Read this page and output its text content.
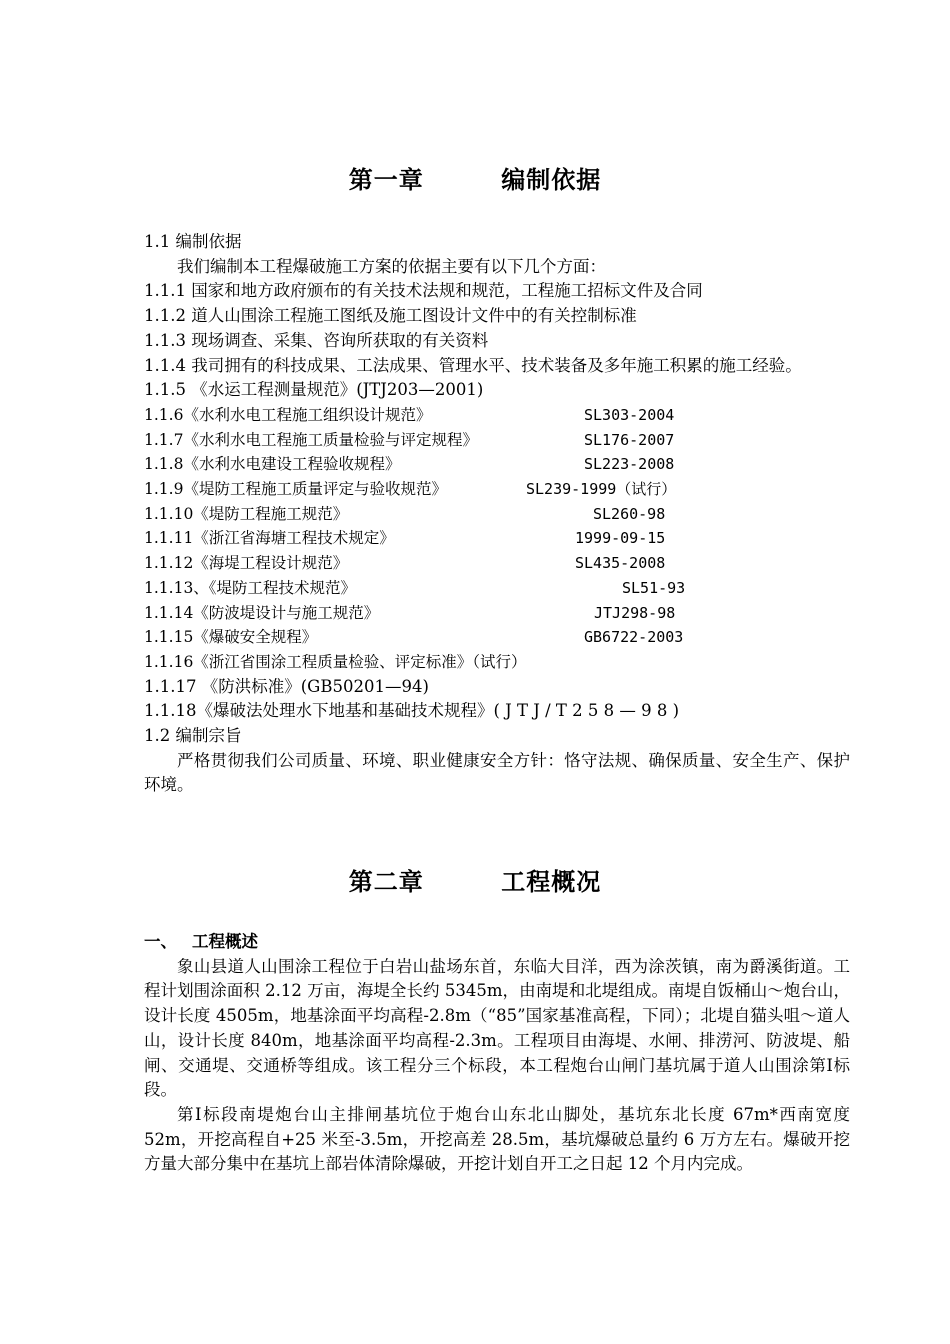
第一章    编制依据

1.1 编制依据

我们编制本工程爆破施工方案的依据主要有以下几个方面：

1.1.1 国家和地方政府颁布的有关技术法规和规范，工程施工招标文件及合同

1.1.2 道人山围涂工程施工图纸及施工图设计文件中的有关控制标准

1.1.3 现场调查、采集、咨询所获取的有关资料

1.1.4 我司拥有的科技成果、工法成果、管理水平、技术装备及多年施工积累的施工经验。

1.1.5 《水运工程测量规范》(JTJ203—2001)

1.1.6《水利水电工程施工组织设计规范》	SL303-2004
1.1.7《水利水电工程施工质量检验与评定规程》	SL176-2007
1.1.8《水利水电建设工程验收规程》	SL223-2008
1.1.9《堤防工程施工质量评定与验收规范》	SL239-1999（试行）
1.1.10《堤防工程施工规范》	SL260-98
1.1.11《浙江省海塘工程技术规定》	1999-09-15
1.1.12《海堤工程设计规范》	SL435-2008
1.1.13、《堤防工程技术规范》	SL51-93
1.1.14《防波堤设计与施工规范》	JTJ298-98
1.1.15《爆破安全规程》	GB6722-2003

1.1.16《浙江省围涂工程质量检验、评定标准》（试行）

1.1.17 《防洪标准》(GB50201—94)

1.1.18《爆破法处理水下地基和基础技术规程》( J T J / T 2 5 8 — 9 8 )

1.2 编制宗旨

严格贯彻我们公司质量、环境、职业健康安全方针：恪守法规、确保质量、安全生产、保护环境。

第二章    工程概况

一、 工程概述

象山县道人山围涂工程位于白岩山盐场东首，东临大目洋，西为涂茨镇，南为爵溪街道。工程计划围涂面积 2.12 万亩，海堤全长约 5345m，由南堤和北堤组成。南堤自饭桶山～炮台山，设计长度 4505m，地基涂面平均高程-2.8m（“85”国家基准高程，下同）；北堤自猫头咀～道人山，设计长度 840m，地基涂面平均高程-2.3m。工程项目由海堤、水闸、排涝河、防波堤、船闸、交通堤、交通桥等组成。该工程分三个标段，本工程炮台山闸门基坑属于道人山围涂第Ⅰ标段。

第Ⅰ标段南堤炮台山主排闸基坑位于炮台山东北山脚处，基坑东北长度 67m*西南宽度 52m，开挖高程自+25 米至-3.5m，开挖高差 28.5m，基坑爆破总量约 6 万方左右。爆破开挖方量大部分集中在基坑上部岩体清除爆破，开挖计划自开工之日起 12 个月内完成。
